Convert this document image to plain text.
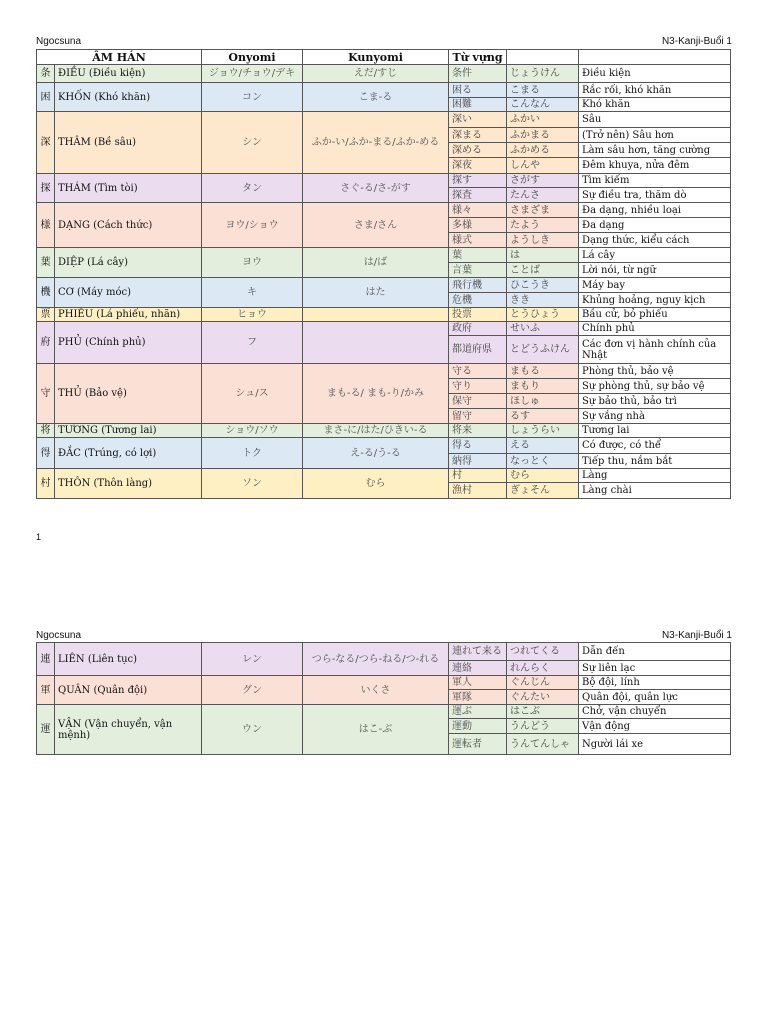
Ngocsuna	N3-Kanji-Buổi 1
ÂM HÁN		Onyomi	Kunyomi	Từ vựng		
条	ĐIỀU (Điều kiện)	ジョウ/チョウ/デキ	えだ/すじ	条件	じょうけん	Điều kiện
困	KHỐN (Khó khăn)	コン	こま-る	困る	こまる	Rắc rối, khó khăn
				困難	こんなん	Khó khăn
深	THÂM (Bề sâu)	シン	ふか-い/ふか-まる/ふか-める	深い	ふかい	Sâu
				深まる	ふかまる	(Trở nên) Sâu hơn
				深める	ふかめる	Làm sâu hơn, tăng cường
				深夜	しんや	Đêm khuya, nửa đêm
探	THÁM (Tìm tòi)	タン	さぐ-る/さ-がす	探す	さがす	Tìm kiếm
				探査	たんさ	Sự điều tra, thăm dò
様	DẠNG (Cách thức)	ヨウ/ショウ	さま/さん	様々	さまざま	Đa dạng, nhiều loại
				多様	たよう	Đa dạng
				様式	ようしき	Dạng thức, kiểu cách
葉	DIỆP (Lá cây)	ヨウ	は/ば	葉	は	Lá cây
				言葉	ことば	Lời nói, từ ngữ
機	CƠ (Máy móc)	キ	はた	飛行機	ひこうき	Máy bay
				危機	きき	Khủng hoảng, nguy kịch
票	PHIẾU (Lá phiếu, nhãn)	ヒョウ		投票	とうひょう	Bầu cử, bỏ phiếu
府	PHỦ (Chính phủ)	フ		政府	せいふ	Chính phủ
				都道府県	とどうふけん	Các đơn vị hành chính của Nhật
守	THỦ (Bảo vệ)	シュ/ス	まも-る/ まも-り/かみ	守る	まもる	Phòng thủ, bảo vệ
				守り	まもり	Sự phòng thủ, sự bảo vệ
				保守	ほしゅ	Sự bảo thủ, bảo trì
				留守	るす	Sự vắng nhà
将	TƯƠNG (Tương lai)	ショウ/ソウ	まさ-に/はた/ひきい-る	将来	しょうらい	Tương lai
得	ĐẮC (Trúng, có lợi)	トク	え-る/う-る	得る	える	Có được, có thể
				納得	なっとく	Tiếp thu, nắm bắt
村	THÔN (Thôn làng)	ソン	むら	村	むら	Làng
				漁村	ぎょそん	Làng chài
1
Ngocsuna	N3-Kanji-Buổi 1
連	LIÊN (Liên tục)	レン	つら-なる/つら-ねる/つ-れる	連れて来る	つれてくる	Dẫn đến
				連絡	れんらく	Sự liên lạc
軍	QUÂN (Quân đội)	グン	いくさ	軍人	ぐんじん	Bộ đội, lính
				軍隊	ぐんたい	Quân đội, quân lực
運	VẬN (Vận chuyển, vận mệnh)	ウン	はこ-ぶ	運ぶ	はこぶ	Chở, vận chuyển
				運動	うんどう	Vận động
				運転者	うんてんしゃ	Người lái xe
